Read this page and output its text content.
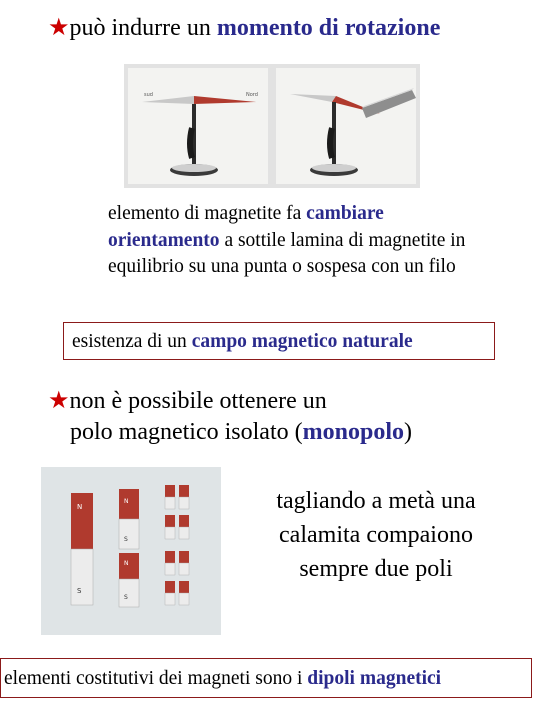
★può indurre un momento di rotazione
sud	Nord
elemento di magnetite fa cambiare orientamento a sottile lamina di magnetite in equilibrio su una punta o sospesa con un filo
esistenza di un campo magnetico naturale
★non è possibile ottenere un
polo magnetico isolato (monopolo)
N
S
N
S
N
S
tagliando a metà una calamita compaiono sempre due poli
elementi costitutivi dei magneti sono i dipoli magnetici
